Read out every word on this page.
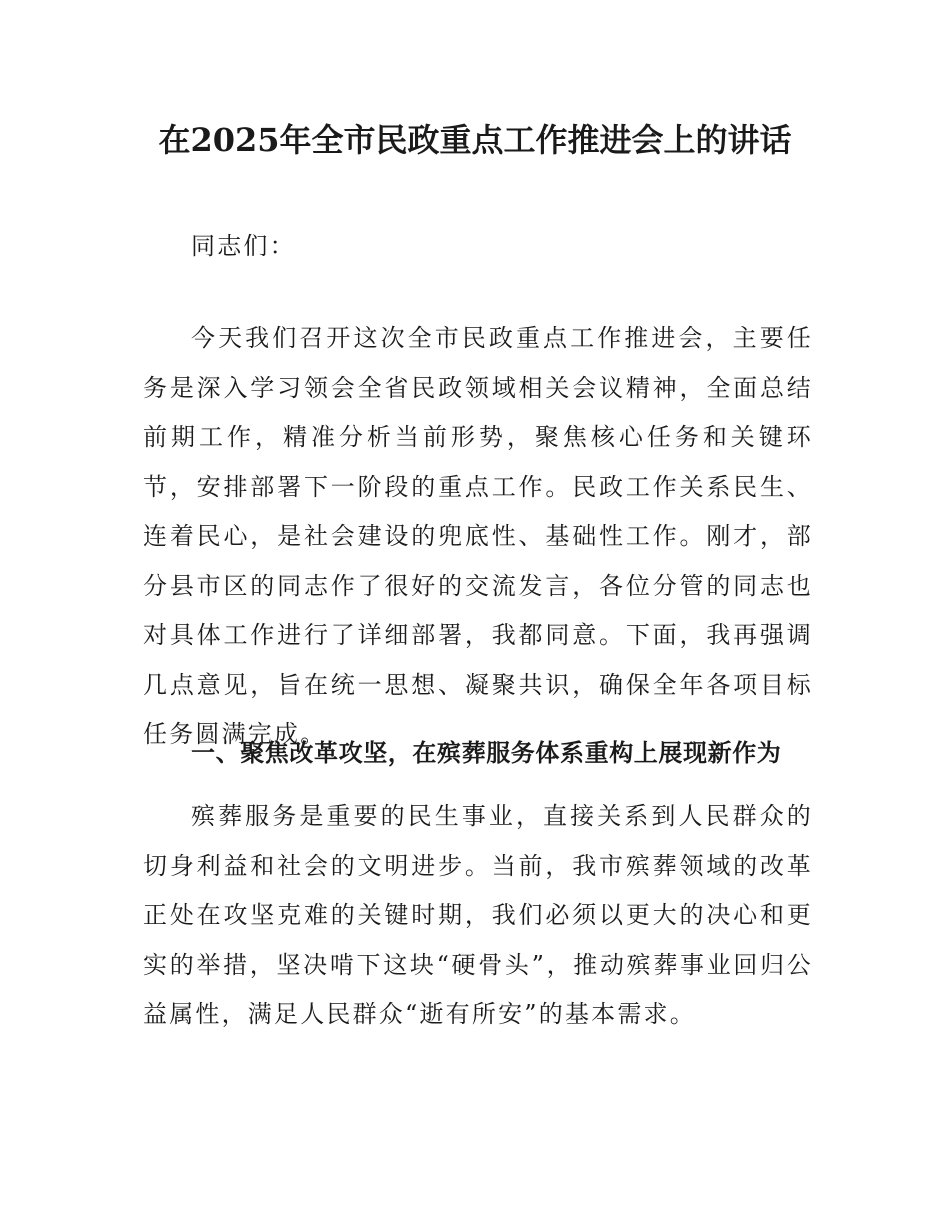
在2025年全市民政重点工作推进会上的讲话

同志们：

今天我们召开这次全市民政重点工作推进会，主要任务是深入学习领会全省民政领域相关会议精神，全面总结前期工作，精准分析当前形势，聚焦核心任务和关键环节，安排部署下一阶段的重点工作。民政工作关系民生、连着民心，是社会建设的兜底性、基础性工作。刚才，部分县市区的同志作了很好的交流发言，各位分管的同志也对具体工作进行了详细部署，我都同意。下面，我再强调几点意见，旨在统一思想、凝聚共识，确保全年各项目标任务圆满完成。

一、聚焦改革攻坚，在殡葬服务体系重构上展现新作为

殡葬服务是重要的民生事业，直接关系到人民群众的切身利益和社会的文明进步。当前，我市殡葬领域的改革正处在攻坚克难的关键时期，我们必须以更大的决心和更实的举措，坚决啃下这块“硬骨头”，推动殡葬事业回归公益属性，满足人民群众“逝有所安”的基本需求。
